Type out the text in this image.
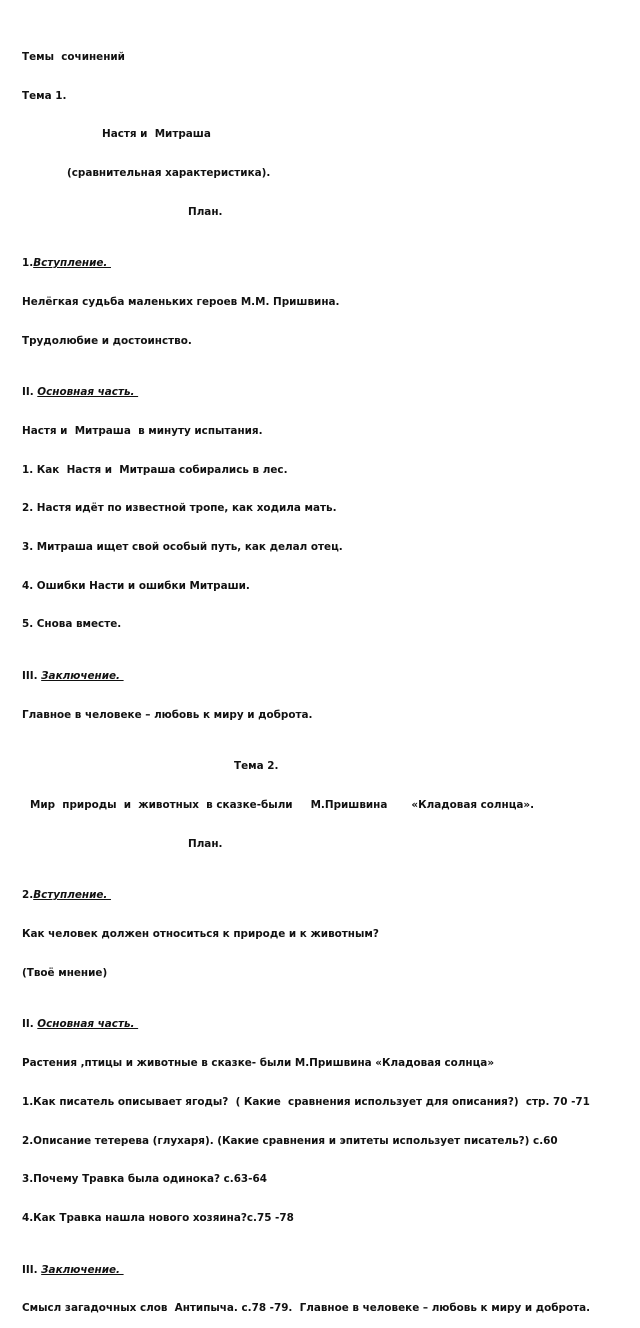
Темы  сочинений

Тема 1.

Настя и  Митраша

(сравнительная характеристика).

План.

1.Вступление.

Нелёгкая судьба маленьких героев М.М. Пришвина.

Трудолюбие и достоинство.

II. Основная часть.

Настя и  Митраша  в минуту испытания.

1. Как  Настя и  Митраша собирались в лес.

2. Настя идёт по известной тропе, как ходила мать.

3. Митраша ищет свой особый путь, как делал отец.

4. Ошибки Насти и ошибки Митраши.

5. Снова вместе.

III. Заключение.

Главное в человеке – любовь к миру и доброта.

Тема 2.

Мир  природы  и  животных  в сказке-были М.Пришвина «Кладовая солнца».

План.

2.Вступление.

Как человек должен относиться к природе и к животным?

(Твоё мнение)

II. Основная часть.

Растения ,птицы и животные в сказке- были М.Пришвина «Кладовая солнца»

1.Как писатель описывает ягоды?  ( Какие  сравнения использует для описания?)  стр. 70 -71

2.Описание тетерева (глухаря). (Какие сравнения и эпитеты использует писатель?) с.60

3.Почему Травка была одинока? с.63-64

4.Как Травка нашла нового хозяина?с.75 -78

III. Заключение.

Смысл загадочных слов  Антипыча. с.78 -79.  Главное в человеке – любовь к миру и доброта.
